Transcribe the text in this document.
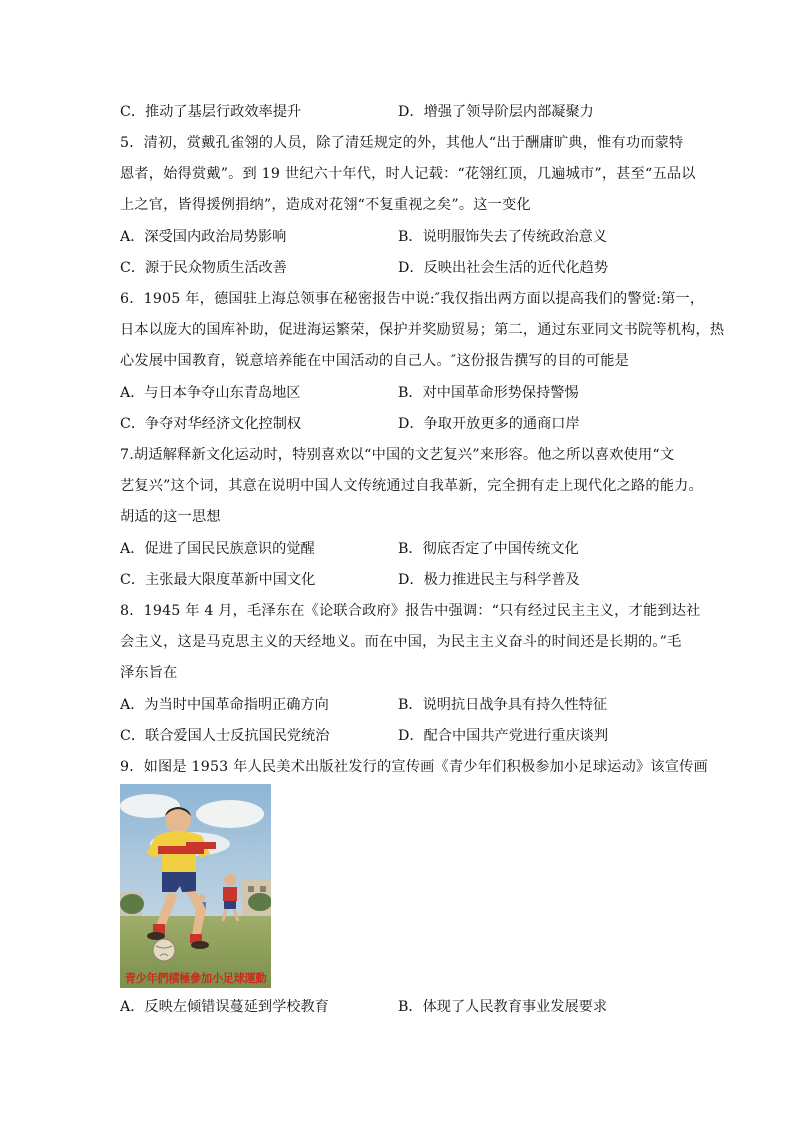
C．推动了基层行政效率提升	D．增强了领导阶层内部凝聚力
5．清初，赏戴孔雀翎的人员，除了清廷规定的外，其他人“出于酬庸旷典，惟有功而蒙特
恩者，始得赏戴”。到 19 世纪六十年代，时人记载：“花翎红顶，几遍城市”，甚至“五品以
上之官，皆得援例捐纳”，造成对花翎“不复重视之矣”。这一变化
A．深受国内政治局势影响	B．说明服饰失去了传统政治意义
C．源于民众物质生活改善	D．反映出社会生活的近代化趋势
6．1905 年，德国驻上海总领事在秘密报告中说:″我仅指出两方面以提高我们的警觉:第一，
日本以庞大的国库补助，促进海运繁荣，保护并奖励贸易；第二，通过东亚同文书院等机构，热
心发展中国教育，锐意培养能在中国活动的自己人。″这份报告撰写的目的可能是
A．与日本争夺山东青岛地区	B．对中国革命形势保持警惕
C．争夺对华经济文化控制权	D．争取开放更多的通商口岸
7.胡适解释新文化运动时，特别喜欢以“中国的文艺复兴”来形容。他之所以喜欢使用“文
艺复兴”这个词，其意在说明中国人文传统通过自我革新，完全拥有走上现代化之路的能力。
胡适的这一思想
A．促进了国民民族意识的觉醒	B．彻底否定了中国传统文化
C．主张最大限度革新中国文化	D．极力推进民主与科学普及
8．1945 年 4 月，毛泽东在《论联合政府》报告中强调：“只有经过民主主义，才能到达社
会主义，这是马克思主义的天经地义。而在中国，为民主主义奋斗的时间还是长期的。”毛
泽东旨在
A．为当时中国革命指明正确方向	B．说明抗日战争具有持久性特征
C．联合爱国人士反抗国民党统治	D．配合中国共产党进行重庆谈判
9．如图是 1953 年人民美术出版社发行的宣传画《青少年们积极参加小足球运动》该宣传画
青少年們積極參加小足球運動
A．反映左倾错误蔓延到学校教育	B．体现了人民教育事业发展要求
